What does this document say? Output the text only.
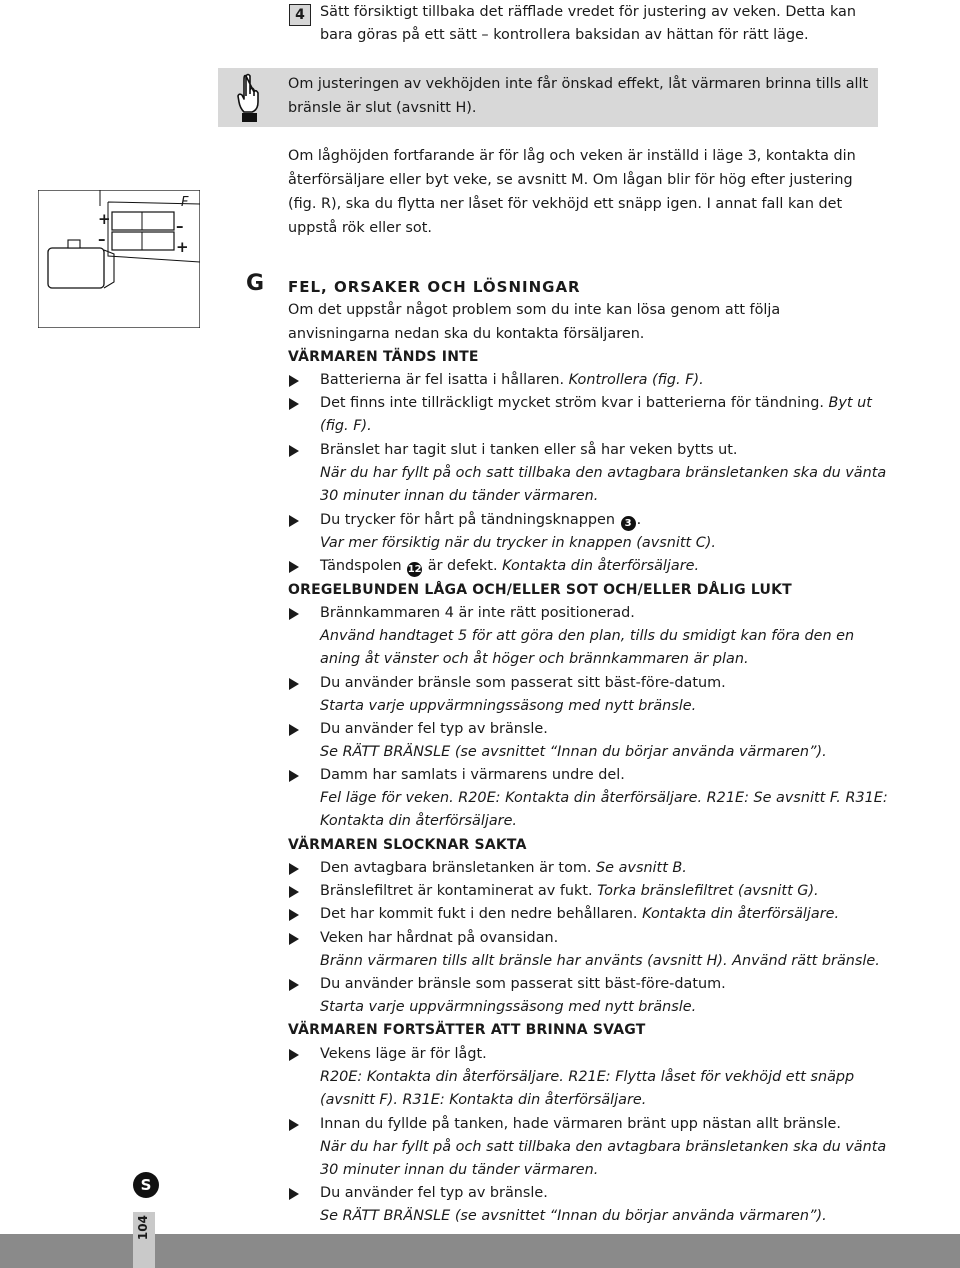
4	Sätt försiktigt tillbaka det räfflade vredet för justering av veken. Detta kan
bara göras på ett sätt – kontrollera baksidan av hättan för rätt läge.
Om justeringen av vekhöjden inte får önskad effekt, låt värmaren brinna tills allt
bränsle är slut (avsnitt H).
Om låghöjden fortfarande är för låg och veken är inställd i läge 3, kontakta din
återförsäljare eller byt veke, se avsnitt M. Om lågan blir för hög efter justering
(fig. R), ska du flytta ner låset för vekhöjd ett snäpp igen. I annat fall kan det
uppstå rök eller sot.
F
+
–
–
+
G FEL, ORSAKER OCH LÖSNINGAR
Om det uppstår något problem som du inte kan lösa genom att följa
anvisningarna nedan ska du kontakta försäljaren.
VÄRMAREN TÄNDS INTE
Batterierna är fel isatta i hållaren. Kontrollera (fig. F).
Det finns inte tillräckligt mycket ström kvar i batterierna för tändning. Byt ut
(fig. F).
Bränslet har tagit slut i tanken eller så har veken bytts ut.
När du har fyllt på och satt tillbaka den avtagbara bränsletanken ska du vänta
30 minuter innan du tänder värmaren.
Du trycker för hårt på tändningsknappen 3 .
Var mer försiktig när du trycker in knappen (avsnitt C).
Tändspolen 12 är defekt. Kontakta din återförsäljare.
OREGELBUNDEN LÅGA OCH/ELLER SOT OCH/ELLER DÅLIG LUKT
Brännkammaren 4 är inte rätt positionerad.
Använd handtaget 5 för att göra den plan, tills du smidigt kan föra den en
aning åt vänster och åt höger och brännkammaren är plan.
Du använder bränsle som passerat sitt bäst-före-datum.
Starta varje uppvärmningssäsong med nytt bränsle.
Du använder fel typ av bränsle.
Se RÄTT BRÄNSLE (se avsnittet “Innan du börjar använda värmaren”).
Damm har samlats i värmarens undre del.
Fel läge för veken. R20E: Kontakta din återförsäljare. R21E: Se avsnitt F. R31E:
Kontakta din återförsäljare.
VÄRMAREN SLOCKNAR SAKTA
Den avtagbara bränsletanken är tom. Se avsnitt B.
Bränslefiltret är kontaminerat av fukt. Torka bränslefiltret (avsnitt G).
Det har kommit fukt i den nedre behållaren. Kontakta din återförsäljare.
Veken har hårdnat på ovansidan.
Bränn värmaren tills allt bränsle har använts (avsnitt H). Använd rätt bränsle.
Du använder bränsle som passerat sitt bäst-före-datum.
Starta varje uppvärmningssäsong med nytt bränsle.
VÄRMAREN FORTSÄTTER ATT BRINNA SVAGT
Vekens läge är för lågt.
R20E: Kontakta din återförsäljare. R21E: Flytta låset för vekhöjd ett snäpp
(avsnitt F). R31E: Kontakta din återförsäljare.
Innan du fyllde på tanken, hade värmaren bränt upp nästan allt bränsle.
När du har fyllt på och satt tillbaka den avtagbara bränsletanken ska du vänta
30 minuter innan du tänder värmaren.
Du använder fel typ av bränsle.
Se RÄTT BRÄNSLE (se avsnittet “Innan du börjar använda värmaren”).
104
S
